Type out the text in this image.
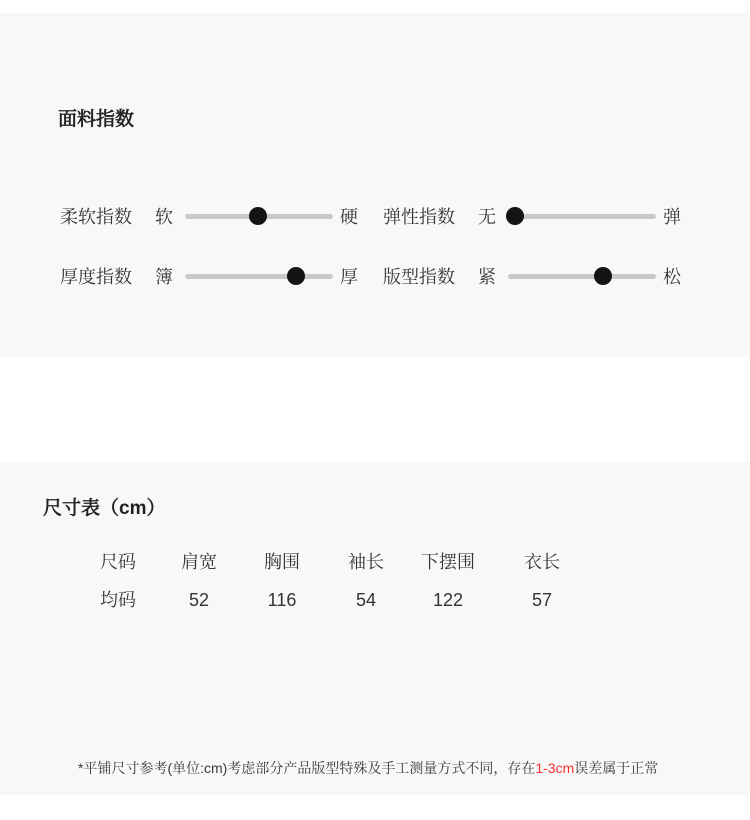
面料指数
柔软指数	软	硬 弹性指数	无	弹
厚度指数	簿	厚 版型指数	紧	松
尺寸表（cm）
尺码	肩宽	胸围	袖长	下摆围	衣长
均码	52	116	54	122	57

*平铺尺寸参考(单位:cm)考虑部分产品版型特殊及手工测量方式不同，存在1-3cm误差属于正常
